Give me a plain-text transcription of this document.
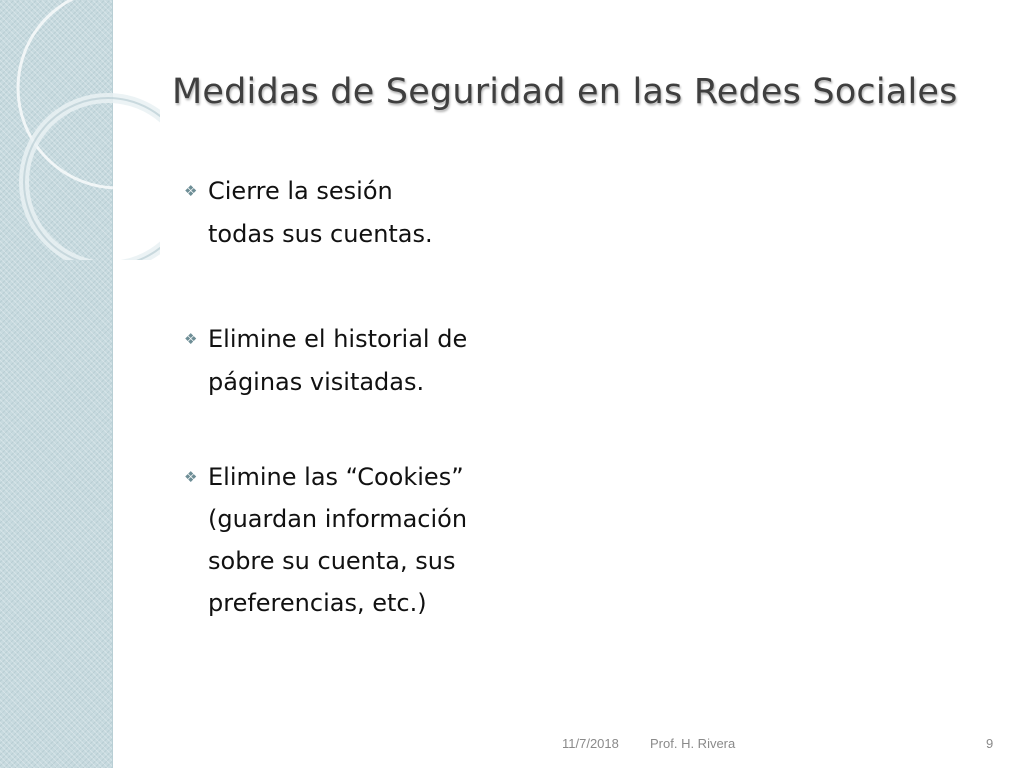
Medidas de Seguridad en las Redes Sociales
❖ Cierre la sesión
todas sus cuentas.
❖ Elimine el historial de
páginas visitadas.
❖ Elimine las “Cookies”
(guardan información
sobre su cuenta, sus
preferencias, etc.)
11/7/2018 Prof. H. Rivera	9
